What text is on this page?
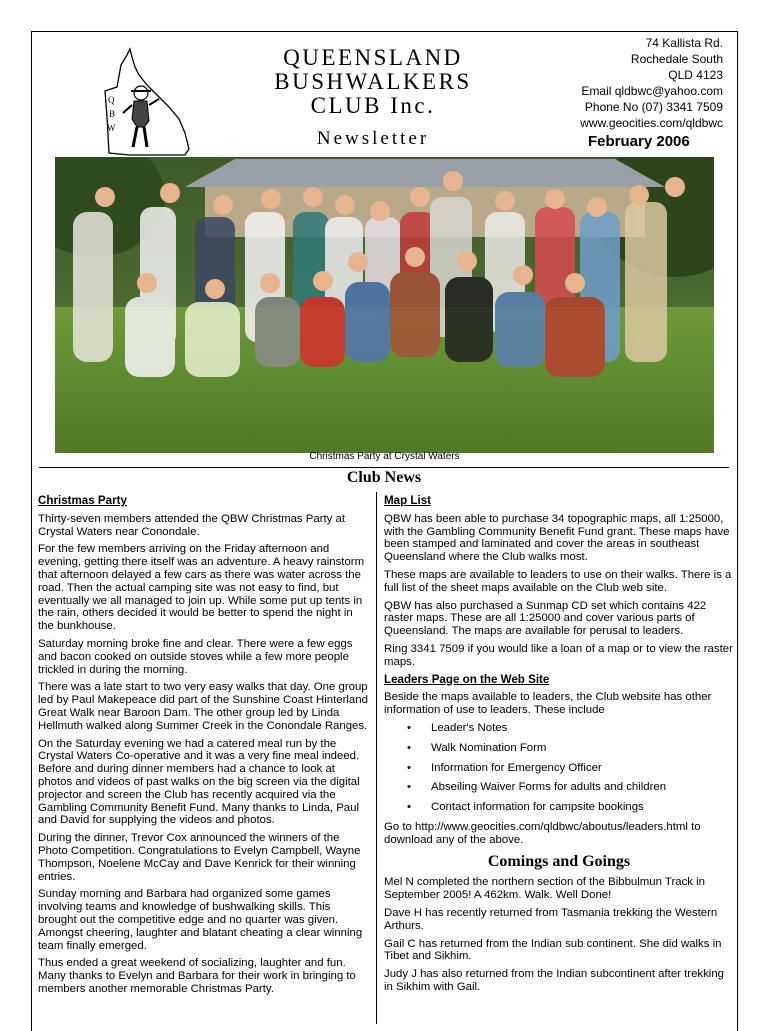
Q
B
W
QUEENSLAND
BUSHWALKERS
CLUB Inc.
Newsletter
74 Kallista Rd.
Rochedale South
QLD 4123
Email qldbwc@yahoo.com
Phone No (07) 3341 7509
www.geocities.com/qldbwc
February 2006
Christmas Party at Crystal Waters
Club News
Christmas Party

Thirty-seven members attended the QBW Christmas Party at Crystal Waters near Conondale.

For the few members arriving on the Friday afternoon and evening, getting there itself was an adventure. A heavy rainstorm that afternoon delayed a few cars as there was water across the road. Then the actual camping site was not easy to find, but eventually we all managed to join up. While some put up tents in the rain, others decided it would be better to spend the night in the bunkhouse.

Saturday morning broke fine and clear. There were a few eggs and bacon cooked on outside stoves while a few more people trickled in during the morning.

There was a late start to two very easy walks that day. One group led by Paul Makepeace did part of the Sunshine Coast Hinterland Great Walk near Baroon Dam. The other group led by Linda Hellmuth walked along Summer Creek in the Conondale Ranges.

On the Saturday evening we had a catered meal run by the Crystal Waters Co-operative and it was a very fine meal indeed. Before and during dinner members had a chance to look at photos and videos of past walks on the big screen via the digital projector and screen the Club has recently acquired via the Gambling Community Benefit Fund. Many thanks to Linda, Paul and David for supplying the videos and photos.

During the dinner, Trevor Cox announced the winners of the Photo Competition. Congratulations to Evelyn Campbell, Wayne Thompson, Noelene McCay and Dave Kenrick for their winning entries.

Sunday morning and Barbara had organized some games involving teams and knowledge of bushwalking skills. This brought out the competitive edge and no quarter was given. Amongst cheering, laughter and blatant cheating a clear winning team finally emerged.

Thus ended a great weekend of socializing, laughter and fun. Many thanks to Evelyn and Barbara for their work in bringing to members another memorable Christmas Party.

Map List

QBW has been able to purchase 34 topographic maps, all 1:25000, with the Gambling Community Benefit Fund grant. These maps have been stamped and laminated and cover the areas in southeast Queensland where the Club walks most.

These maps are available to leaders to use on their walks. There is a full list of the sheet maps available on the Club web site.

QBW has also purchased a Sunmap CD set which contains 422 raster maps. These are all 1:25000 and cover various parts of Queensland. The maps are available for perusal to leaders.

Ring 3341 7509 if you would like a loan of a map or to view the raster maps.

Leaders Page on the Web Site

Beside the maps available to leaders, the Club website has other information of use to leaders. These include

• Leader's Notes
• Walk Nomination Form
• Information for Emergency Officer
• Abseiling Waiver Forms for adults and children
• Contact information for campsite bookings

Go to http://www.geocities.com/qldbwc/aboutus/leaders.html to download any of the above.

Comings and Goings

Mel N completed the northern section of the Bibbulmun Track in September 2005! A 462km. Walk. Well Done!

Dave H has recently returned from Tasmania trekking the Western Arthurs.

Gail C has returned from the Indian sub continent. She did walks in Tibet and Sikhim.

Judy J has also returned from the Indian subcontinent after trekking in Sikhim with Gail.
